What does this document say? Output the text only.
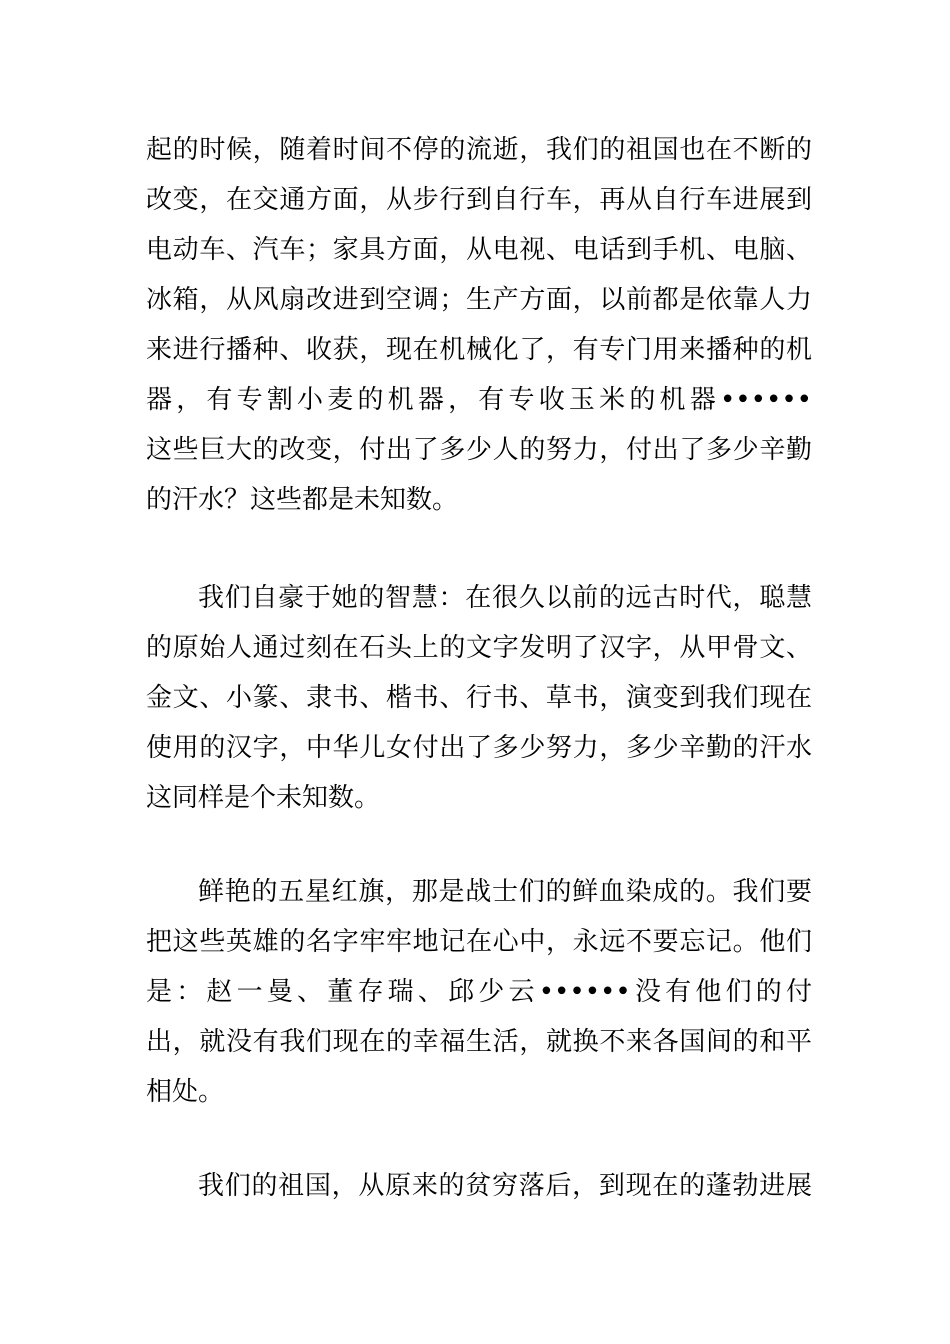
起的时候，随着时间不停的流逝，我们的祖国也在不断的
改变，在交通方面，从步行到自行车，再从自行车进展到
电动车、汽车；家具方面，从电视、电话到手机、电脑、
冰箱，从风扇改进到空调；生产方面，以前都是依靠人力
来进行播种、收获，现在机械化了，有专门用来播种的机
器，有专割小麦的机器，有专收玉米的机器••••••
这些巨大的改变，付出了多少人的努力，付出了多少辛勤
的汗水？这些都是未知数。
我们自豪于她的智慧：在很久以前的远古时代，聪慧
的原始人通过刻在石头上的文字发明了汉字，从甲骨文、
金文、小篆、隶书、楷书、行书、草书，演变到我们现在
使用的汉字，中华儿女付出了多少努力，多少辛勤的汗水
这同样是个未知数。
鲜艳的五星红旗，那是战士们的鲜血染成的。我们要
把这些英雄的名字牢牢地记在心中，永远不要忘记。他们
是：赵一曼、董存瑞、邱少云••••••没有他们的付
出，就没有我们现在的幸福生活，就换不来各国间的和平
相处。
我们的祖国，从原来的贫穷落后，到现在的蓬勃进展
